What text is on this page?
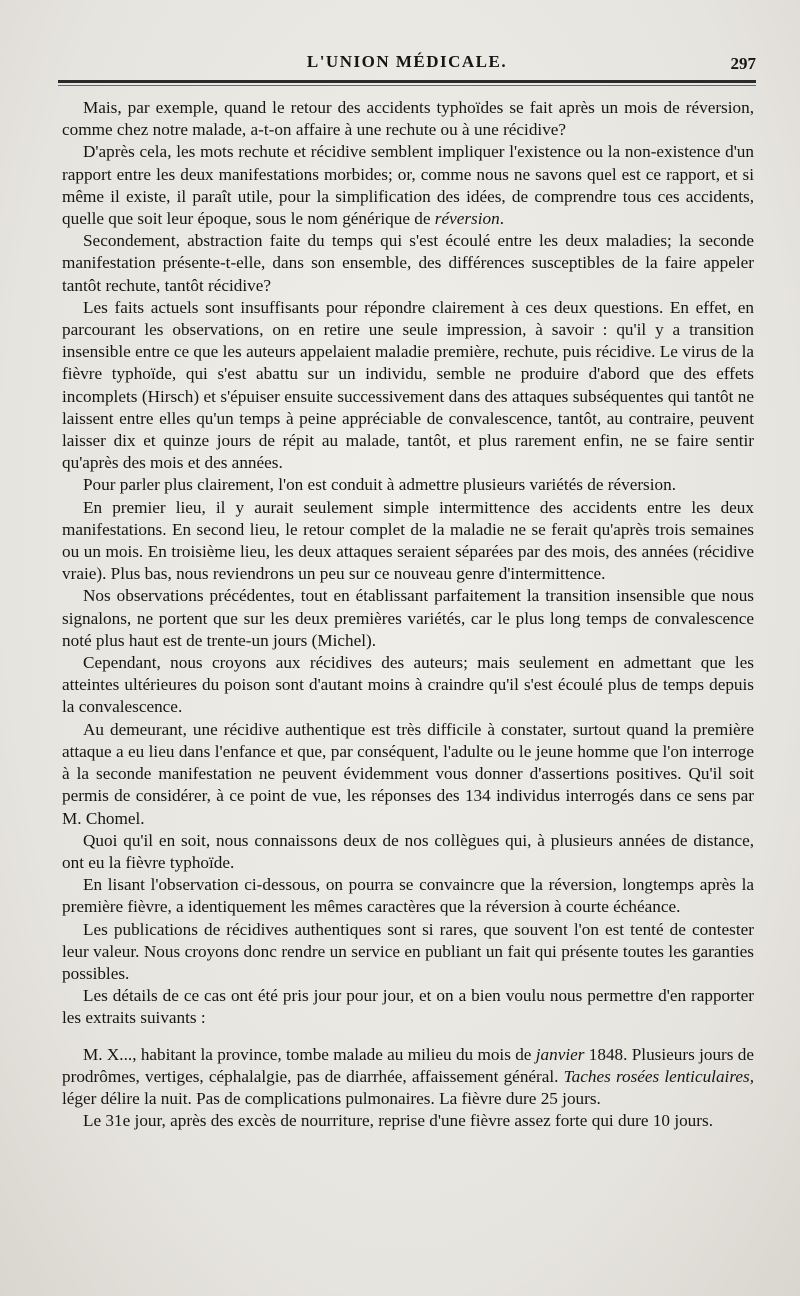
L'UNION MÉDICALE.	297

Mais, par exemple, quand le retour des accidents typhoïdes se fait après un mois de réversion, comme chez notre malade, a-t-on affaire à une rechute ou à une récidive?

D'après cela, les mots rechute et récidive semblent impliquer l'existence ou la non-existence d'un rapport entre les deux manifestations morbides; or, comme nous ne savons quel est ce rapport, et si même il existe, il paraît utile, pour la simplification des idées, de comprendre tous ces accidents, quelle que soit leur époque, sous le nom générique de réversion.

Secondement, abstraction faite du temps qui s'est écoulé entre les deux maladies; la seconde manifestation présente-t-elle, dans son ensemble, des différences susceptibles de la faire appeler tantôt rechute, tantôt récidive?

Les faits actuels sont insuffisants pour répondre clairement à ces deux questions. En effet, en parcourant les observations, on en retire une seule impression, à savoir : qu'il y a transition insensible entre ce que les auteurs appelaient maladie première, rechute, puis récidive. Le virus de la fièvre typhoïde, qui s'est abattu sur un individu, semble ne produire d'abord que des effets incomplets (Hirsch) et s'épuiser ensuite successivement dans des attaques subséquentes qui tantôt ne laissent entre elles qu'un temps à peine appréciable de convalescence, tantôt, au contraire, peuvent laisser dix et quinze jours de répit au malade, tantôt, et plus rarement enfin, ne se faire sentir qu'après des mois et des années.

Pour parler plus clairement, l'on est conduit à admettre plusieurs variétés de réversion.

En premier lieu, il y aurait seulement simple intermittence des accidents entre les deux manifestations. En second lieu, le retour complet de la maladie ne se ferait qu'après trois semaines ou un mois. En troisième lieu, les deux attaques seraient séparées par des mois, des années (récidive vraie). Plus bas, nous reviendrons un peu sur ce nouveau genre d'intermittence.

Nos observations précédentes, tout en établissant parfaitement la transition insensible que nous signalons, ne portent que sur les deux premières variétés, car le plus long temps de convalescence noté plus haut est de trente-un jours (Michel).

Cependant, nous croyons aux récidives des auteurs; mais seulement en admettant que les atteintes ultérieures du poison sont d'autant moins à craindre qu'il s'est écoulé plus de temps depuis la convalescence.

Au demeurant, une récidive authentique est très difficile à constater, surtout quand la première attaque a eu lieu dans l'enfance et que, par conséquent, l'adulte ou le jeune homme que l'on interroge à la seconde manifestation ne peuvent évidemment vous donner d'assertions positives. Qu'il soit permis de considérer, à ce point de vue, les réponses des 134 individus interrogés dans ce sens par M. Chomel.

Quoi qu'il en soit, nous connaissons deux de nos collègues qui, à plusieurs années de distance, ont eu la fièvre typhoïde.

En lisant l'observation ci-dessous, on pourra se convaincre que la réversion, longtemps après la première fièvre, a identiquement les mêmes caractères que la réversion à courte échéance.

Les publications de récidives authentiques sont si rares, que souvent l'on est tenté de contester leur valeur. Nous croyons donc rendre un service en publiant un fait qui présente toutes les garanties possibles.

Les détails de ce cas ont été pris jour pour jour, et on a bien voulu nous permettre d'en rapporter les extraits suivants :

M. X..., habitant la province, tombe malade au milieu du mois de janvier 1848. Plusieurs jours de prodrômes, vertiges, céphalalgie, pas de diarrhée, affaissement général. Taches rosées lenticulaires, léger délire la nuit. Pas de complications pulmonaires. La fièvre dure 25 jours.

Le 31e jour, après des excès de nourriture, reprise d'une fièvre assez forte qui dure 10 jours.
